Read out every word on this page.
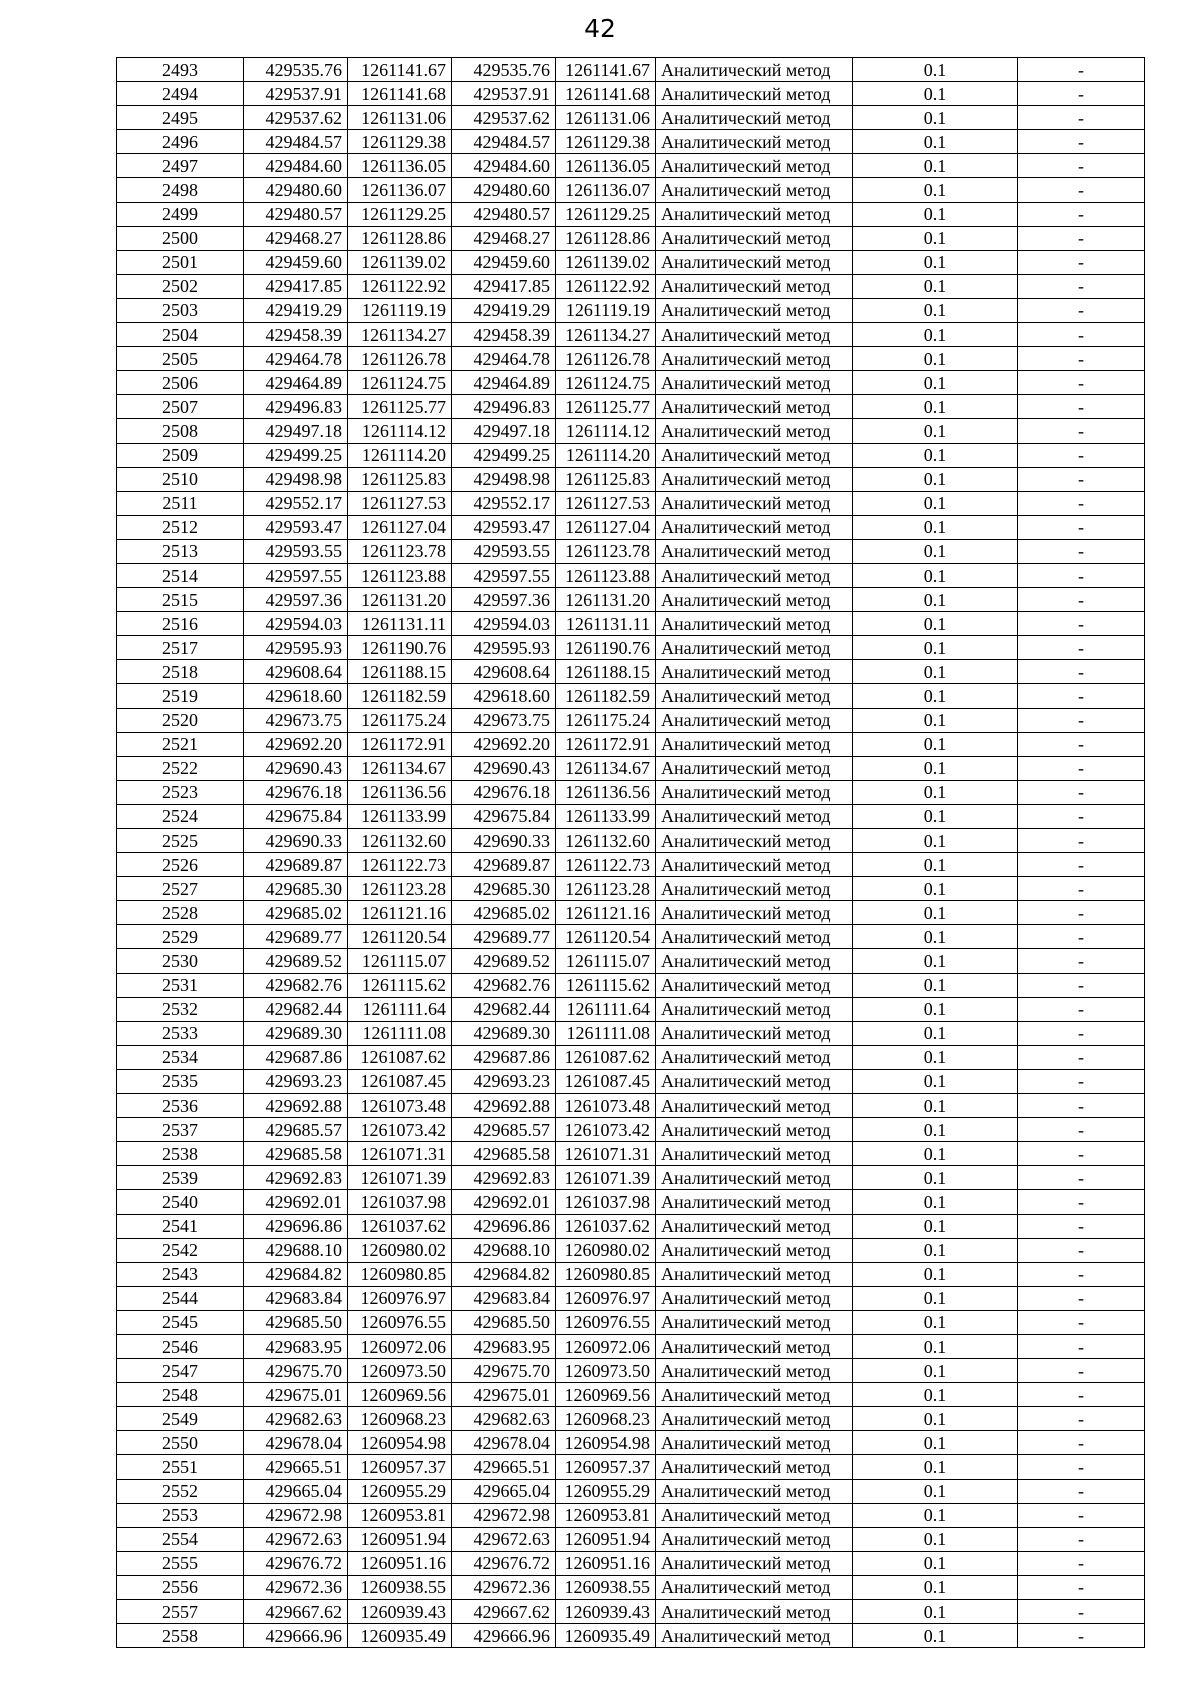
42
2493	429535.76	1261141.67	429535.76	1261141.67	Аналитический метод	0.1	-
2494	429537.91	1261141.68	429537.91	1261141.68	Аналитический метод	0.1	-
2495	429537.62	1261131.06	429537.62	1261131.06	Аналитический метод	0.1	-
2496	429484.57	1261129.38	429484.57	1261129.38	Аналитический метод	0.1	-
2497	429484.60	1261136.05	429484.60	1261136.05	Аналитический метод	0.1	-
2498	429480.60	1261136.07	429480.60	1261136.07	Аналитический метод	0.1	-
2499	429480.57	1261129.25	429480.57	1261129.25	Аналитический метод	0.1	-
2500	429468.27	1261128.86	429468.27	1261128.86	Аналитический метод	0.1	-
2501	429459.60	1261139.02	429459.60	1261139.02	Аналитический метод	0.1	-
2502	429417.85	1261122.92	429417.85	1261122.92	Аналитический метод	0.1	-
2503	429419.29	1261119.19	429419.29	1261119.19	Аналитический метод	0.1	-
2504	429458.39	1261134.27	429458.39	1261134.27	Аналитический метод	0.1	-
2505	429464.78	1261126.78	429464.78	1261126.78	Аналитический метод	0.1	-
2506	429464.89	1261124.75	429464.89	1261124.75	Аналитический метод	0.1	-
2507	429496.83	1261125.77	429496.83	1261125.77	Аналитический метод	0.1	-
2508	429497.18	1261114.12	429497.18	1261114.12	Аналитический метод	0.1	-
2509	429499.25	1261114.20	429499.25	1261114.20	Аналитический метод	0.1	-
2510	429498.98	1261125.83	429498.98	1261125.83	Аналитический метод	0.1	-
2511	429552.17	1261127.53	429552.17	1261127.53	Аналитический метод	0.1	-
2512	429593.47	1261127.04	429593.47	1261127.04	Аналитический метод	0.1	-
2513	429593.55	1261123.78	429593.55	1261123.78	Аналитический метод	0.1	-
2514	429597.55	1261123.88	429597.55	1261123.88	Аналитический метод	0.1	-
2515	429597.36	1261131.20	429597.36	1261131.20	Аналитический метод	0.1	-
2516	429594.03	1261131.11	429594.03	1261131.11	Аналитический метод	0.1	-
2517	429595.93	1261190.76	429595.93	1261190.76	Аналитический метод	0.1	-
2518	429608.64	1261188.15	429608.64	1261188.15	Аналитический метод	0.1	-
2519	429618.60	1261182.59	429618.60	1261182.59	Аналитический метод	0.1	-
2520	429673.75	1261175.24	429673.75	1261175.24	Аналитический метод	0.1	-
2521	429692.20	1261172.91	429692.20	1261172.91	Аналитический метод	0.1	-
2522	429690.43	1261134.67	429690.43	1261134.67	Аналитический метод	0.1	-
2523	429676.18	1261136.56	429676.18	1261136.56	Аналитический метод	0.1	-
2524	429675.84	1261133.99	429675.84	1261133.99	Аналитический метод	0.1	-
2525	429690.33	1261132.60	429690.33	1261132.60	Аналитический метод	0.1	-
2526	429689.87	1261122.73	429689.87	1261122.73	Аналитический метод	0.1	-
2527	429685.30	1261123.28	429685.30	1261123.28	Аналитический метод	0.1	-
2528	429685.02	1261121.16	429685.02	1261121.16	Аналитический метод	0.1	-
2529	429689.77	1261120.54	429689.77	1261120.54	Аналитический метод	0.1	-
2530	429689.52	1261115.07	429689.52	1261115.07	Аналитический метод	0.1	-
2531	429682.76	1261115.62	429682.76	1261115.62	Аналитический метод	0.1	-
2532	429682.44	1261111.64	429682.44	1261111.64	Аналитический метод	0.1	-
2533	429689.30	1261111.08	429689.30	1261111.08	Аналитический метод	0.1	-
2534	429687.86	1261087.62	429687.86	1261087.62	Аналитический метод	0.1	-
2535	429693.23	1261087.45	429693.23	1261087.45	Аналитический метод	0.1	-
2536	429692.88	1261073.48	429692.88	1261073.48	Аналитический метод	0.1	-
2537	429685.57	1261073.42	429685.57	1261073.42	Аналитический метод	0.1	-
2538	429685.58	1261071.31	429685.58	1261071.31	Аналитический метод	0.1	-
2539	429692.83	1261071.39	429692.83	1261071.39	Аналитический метод	0.1	-
2540	429692.01	1261037.98	429692.01	1261037.98	Аналитический метод	0.1	-
2541	429696.86	1261037.62	429696.86	1261037.62	Аналитический метод	0.1	-
2542	429688.10	1260980.02	429688.10	1260980.02	Аналитический метод	0.1	-
2543	429684.82	1260980.85	429684.82	1260980.85	Аналитический метод	0.1	-
2544	429683.84	1260976.97	429683.84	1260976.97	Аналитический метод	0.1	-
2545	429685.50	1260976.55	429685.50	1260976.55	Аналитический метод	0.1	-
2546	429683.95	1260972.06	429683.95	1260972.06	Аналитический метод	0.1	-
2547	429675.70	1260973.50	429675.70	1260973.50	Аналитический метод	0.1	-
2548	429675.01	1260969.56	429675.01	1260969.56	Аналитический метод	0.1	-
2549	429682.63	1260968.23	429682.63	1260968.23	Аналитический метод	0.1	-
2550	429678.04	1260954.98	429678.04	1260954.98	Аналитический метод	0.1	-
2551	429665.51	1260957.37	429665.51	1260957.37	Аналитический метод	0.1	-
2552	429665.04	1260955.29	429665.04	1260955.29	Аналитический метод	0.1	-
2553	429672.98	1260953.81	429672.98	1260953.81	Аналитический метод	0.1	-
2554	429672.63	1260951.94	429672.63	1260951.94	Аналитический метод	0.1	-
2555	429676.72	1260951.16	429676.72	1260951.16	Аналитический метод	0.1	-
2556	429672.36	1260938.55	429672.36	1260938.55	Аналитический метод	0.1	-
2557	429667.62	1260939.43	429667.62	1260939.43	Аналитический метод	0.1	-
2558	429666.96	1260935.49	429666.96	1260935.49	Аналитический метод	0.1	-
